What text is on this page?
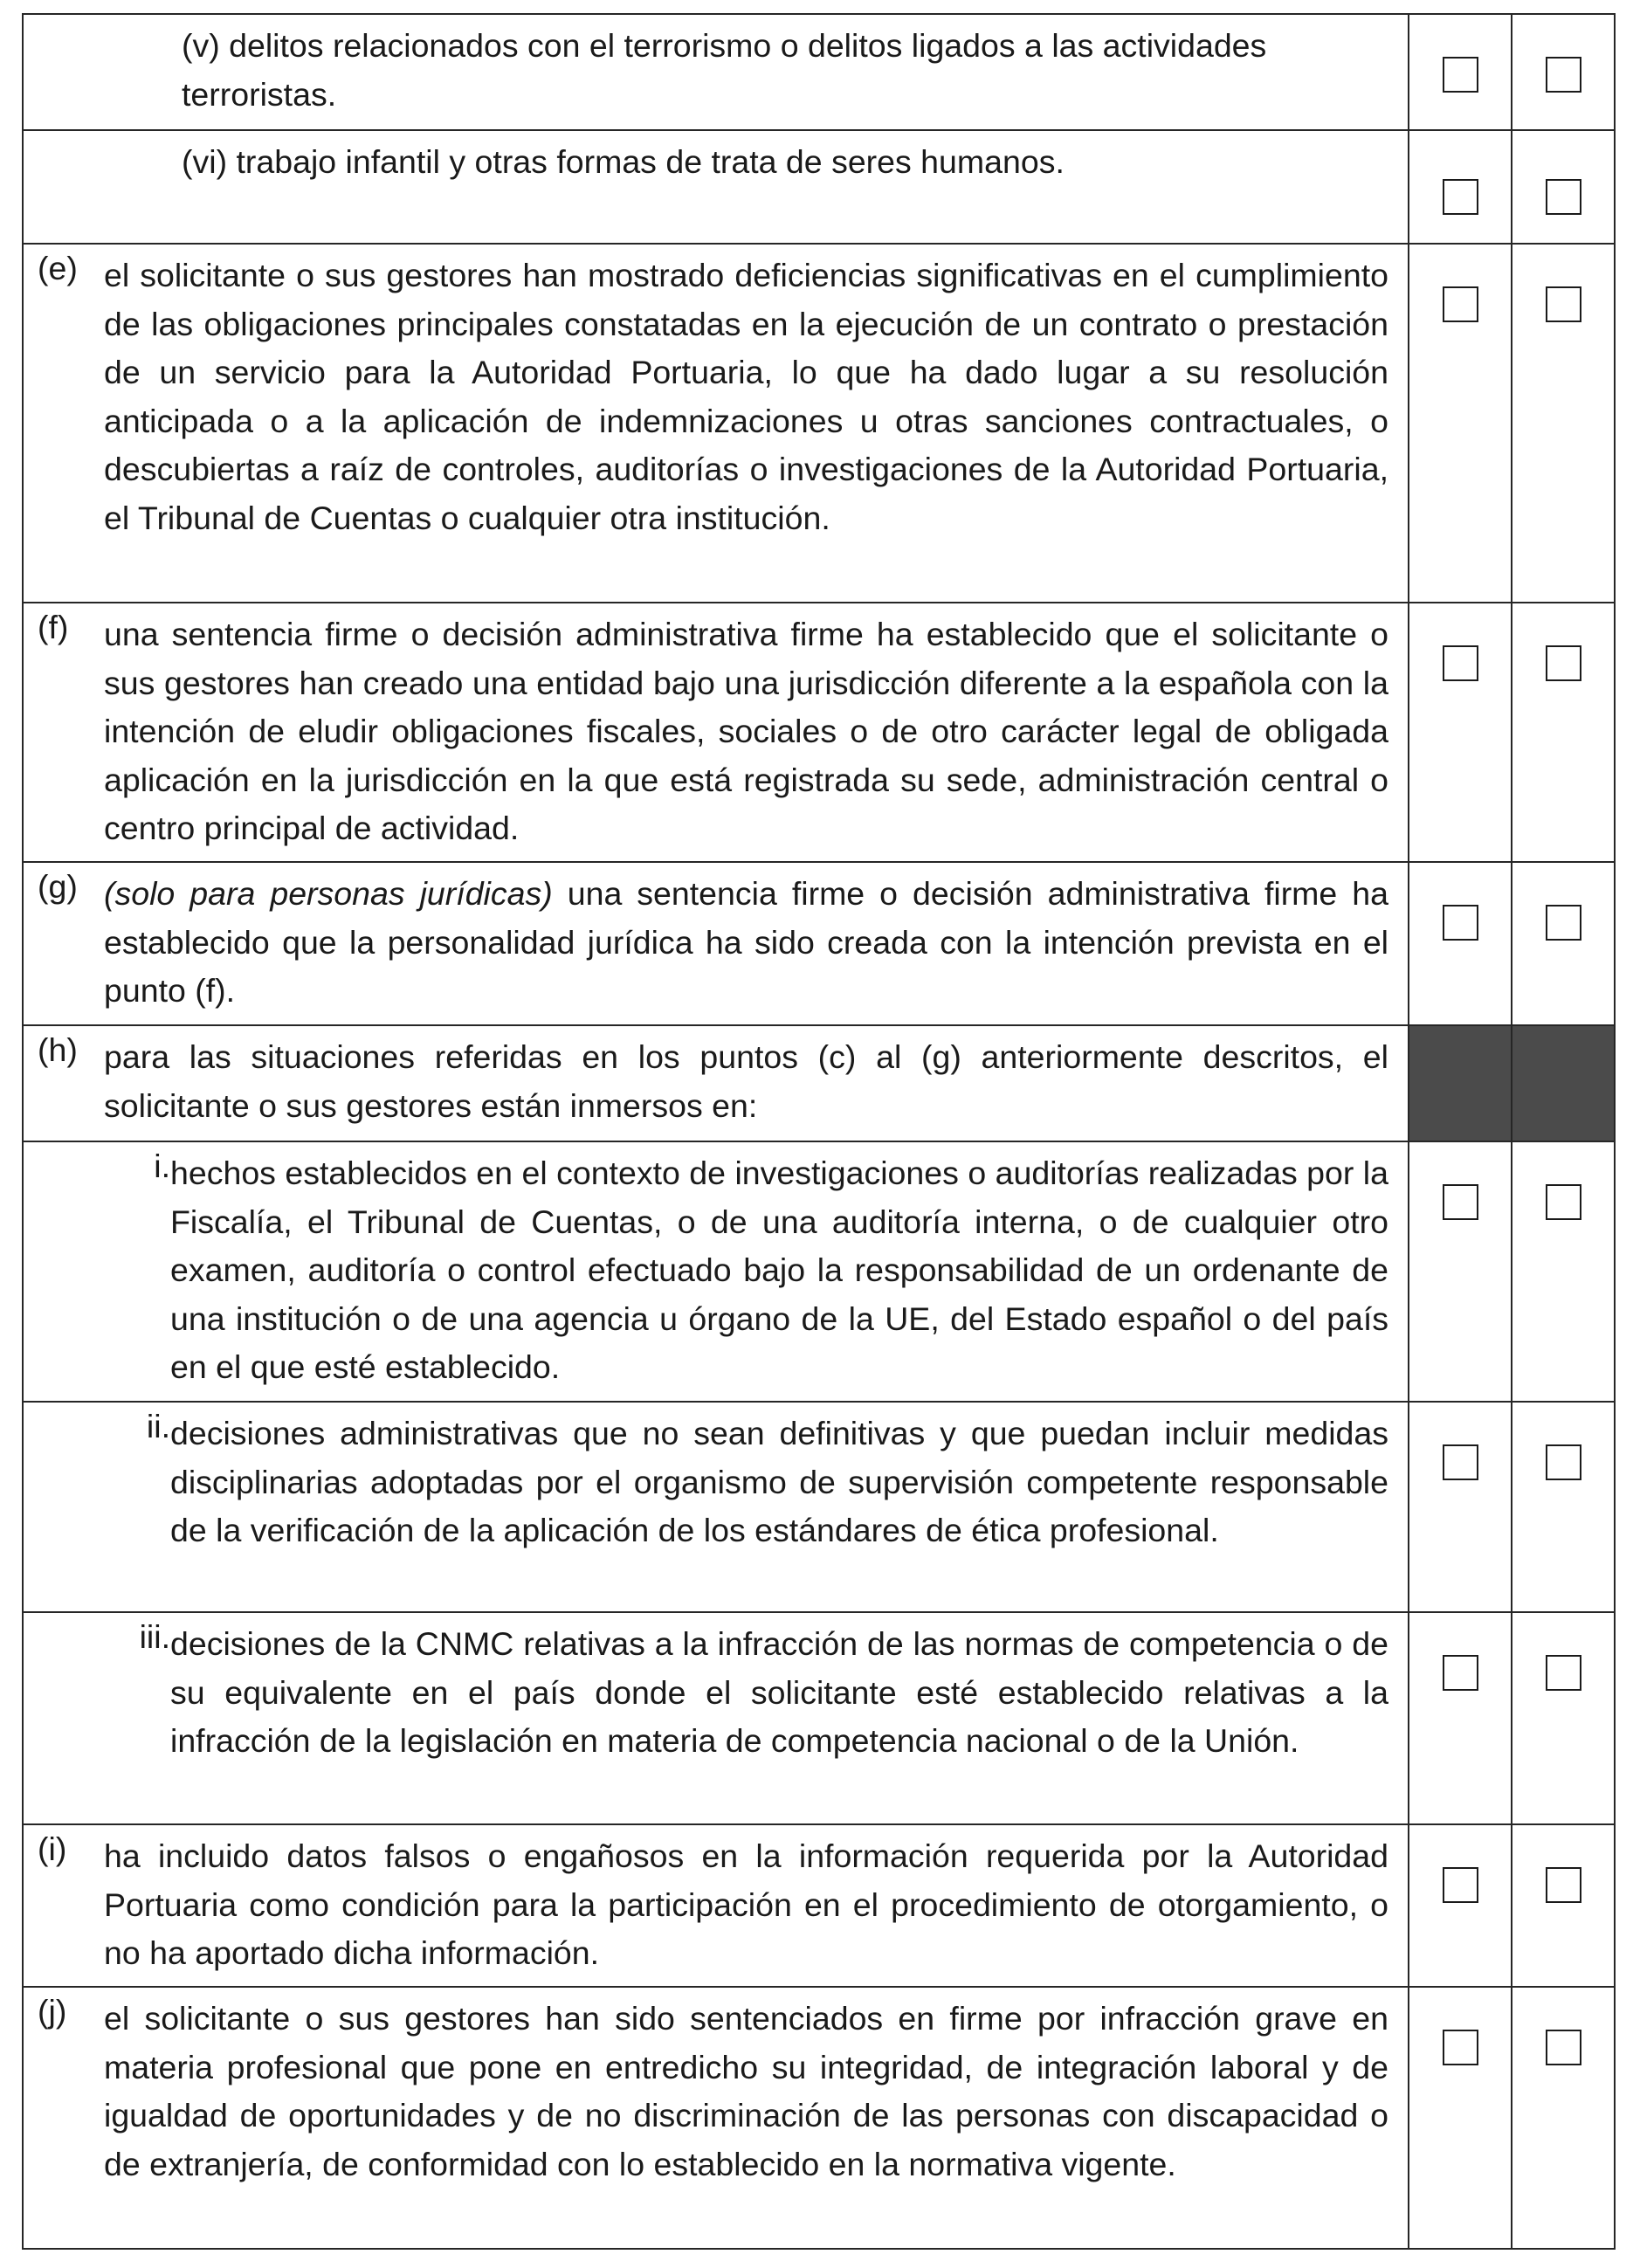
(v) delitos relacionados con el terrorismo o delitos ligados a las actividades terroristas.		

(vi) trabajo infantil y otras formas de trata de seres humanos.		

(e) el solicitante o sus gestores han mostrado deficiencias significativas en el cumplimiento de las obligaciones principales constatadas en la ejecución de un contrato o prestación de un servicio para la Autoridad Portuaria, lo que ha dado lugar a su resolución anticipada o a la aplicación de indemnizaciones u otras sanciones contractuales, o descubiertas a raíz de controles, auditorías o investigaciones de la Autoridad Portuaria, el Tribunal de Cuentas o cualquier otra institución.		

(f) una sentencia firme o decisión administrativa firme ha establecido que el solicitante o sus gestores han creado una entidad bajo una jurisdicción diferente a la española con la intención de eludir obligaciones fiscales, sociales o de otro carácter legal de obligada aplicación en la jurisdicción en la que está registrada su sede, administración central o centro principal de actividad.		

(g) (solo para personas jurídicas) una sentencia firme o decisión administrativa firme ha establecido que la personalidad jurídica ha sido creada con la intención prevista en el punto (f).		

(h) para las situaciones referidas en los puntos (c) al (g) anteriormente descritos, el solicitante o sus gestores están inmersos en:		

i. hechos establecidos en el contexto de investigaciones o auditorías realizadas por la Fiscalía, el Tribunal de Cuentas, o de una auditoría interna, o de cualquier otro examen, auditoría o control efectuado bajo la responsabilidad de un ordenante de una institución o de una agencia u órgano de la UE, del Estado español o del país en el que esté establecido.		

ii. decisiones administrativas que no sean definitivas y que puedan incluir medidas disciplinarias adoptadas por el organismo de supervisión competente responsable de la verificación de la aplicación de los estándares de ética profesional.		

iii. decisiones de la CNMC relativas a la infracción de las normas de competencia o de su equivalente en el país donde el solicitante esté establecido relativas a la infracción de la legislación en materia de competencia nacional o de la Unión.		

(i) ha incluido datos falsos o engañosos en la información requerida por la Autoridad Portuaria como condición para la participación en el procedimiento de otorgamiento, o no ha aportado dicha información.		

(j) el solicitante o sus gestores han sido sentenciados en firme por infracción grave en materia profesional que pone en entredicho su integridad, de integración laboral y de igualdad de oportunidades y de no discriminación de las personas con discapacidad o de extranjería, de conformidad con lo establecido en la normativa vigente.		
